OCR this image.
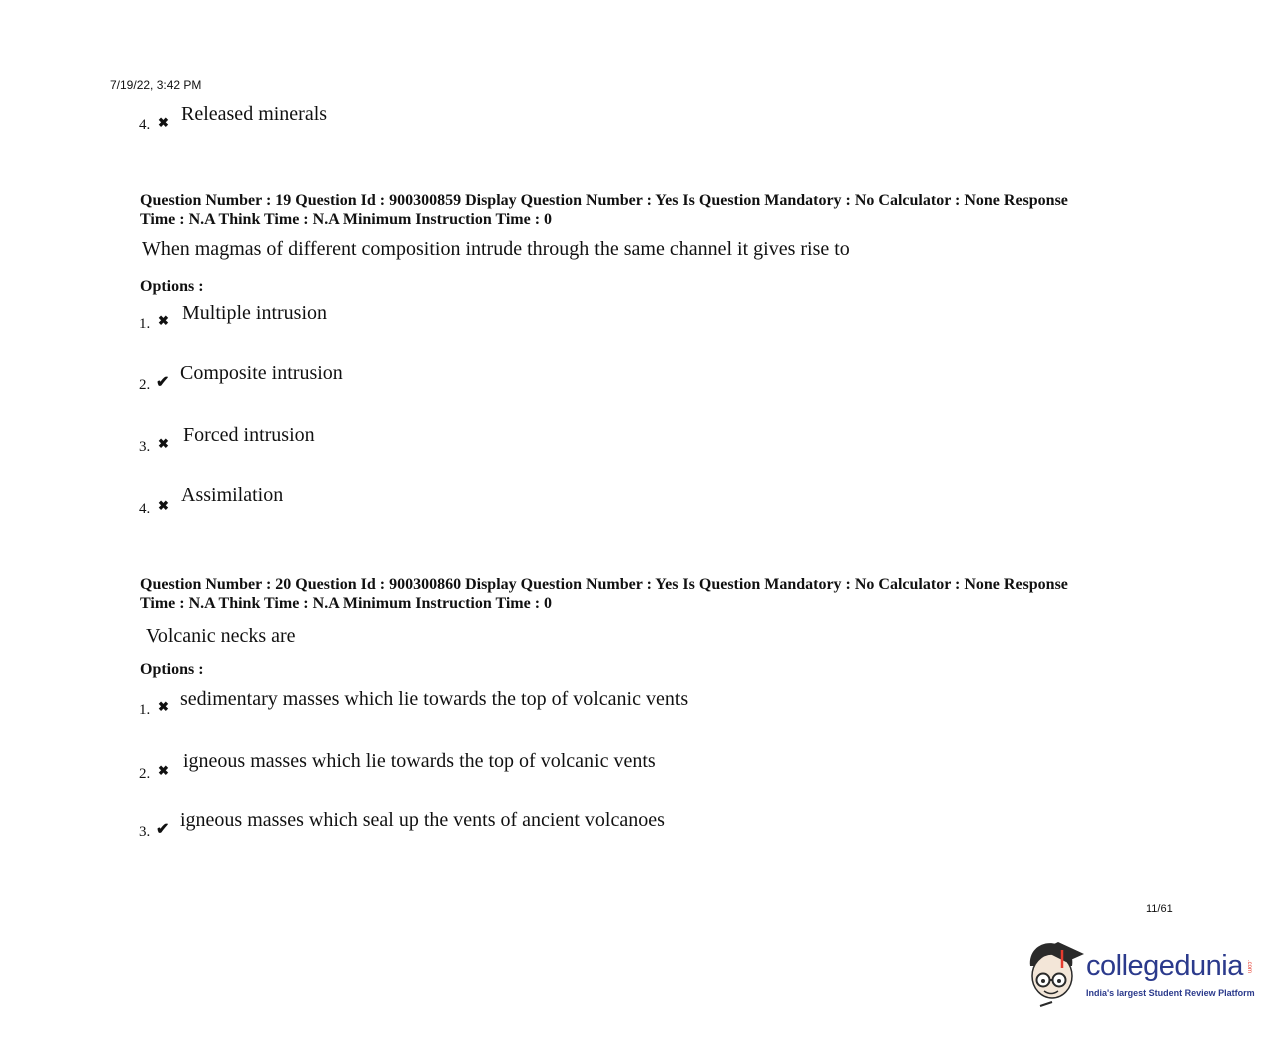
7/19/22, 3:42 PM
4. ✖ Released minerals
Question Number : 19 Question Id : 900300859 Display Question Number : Yes Is Question Mandatory : No Calculator : None Response
Time : N.A Think Time : N.A Minimum Instruction Time : 0
When magmas of different composition intrude through the same channel it gives rise to
Options :
1. ✖ Multiple intrusion
2. ✔ Composite intrusion
3. ✖ Forced intrusion
4. ✖ Assimilation
Question Number : 20 Question Id : 900300860 Display Question Number : Yes Is Question Mandatory : No Calculator : None Response
Time : N.A Think Time : N.A Minimum Instruction Time : 0
Volcanic necks are
Options :
1. ✖ sedimentary masses which lie towards the top of volcanic vents
2. ✖ igneous masses which lie towards the top of volcanic vents
3. ✔ igneous masses which seal up the vents of ancient volcanoes
11/61
collegedunia .com
India's largest Student Review Platform
